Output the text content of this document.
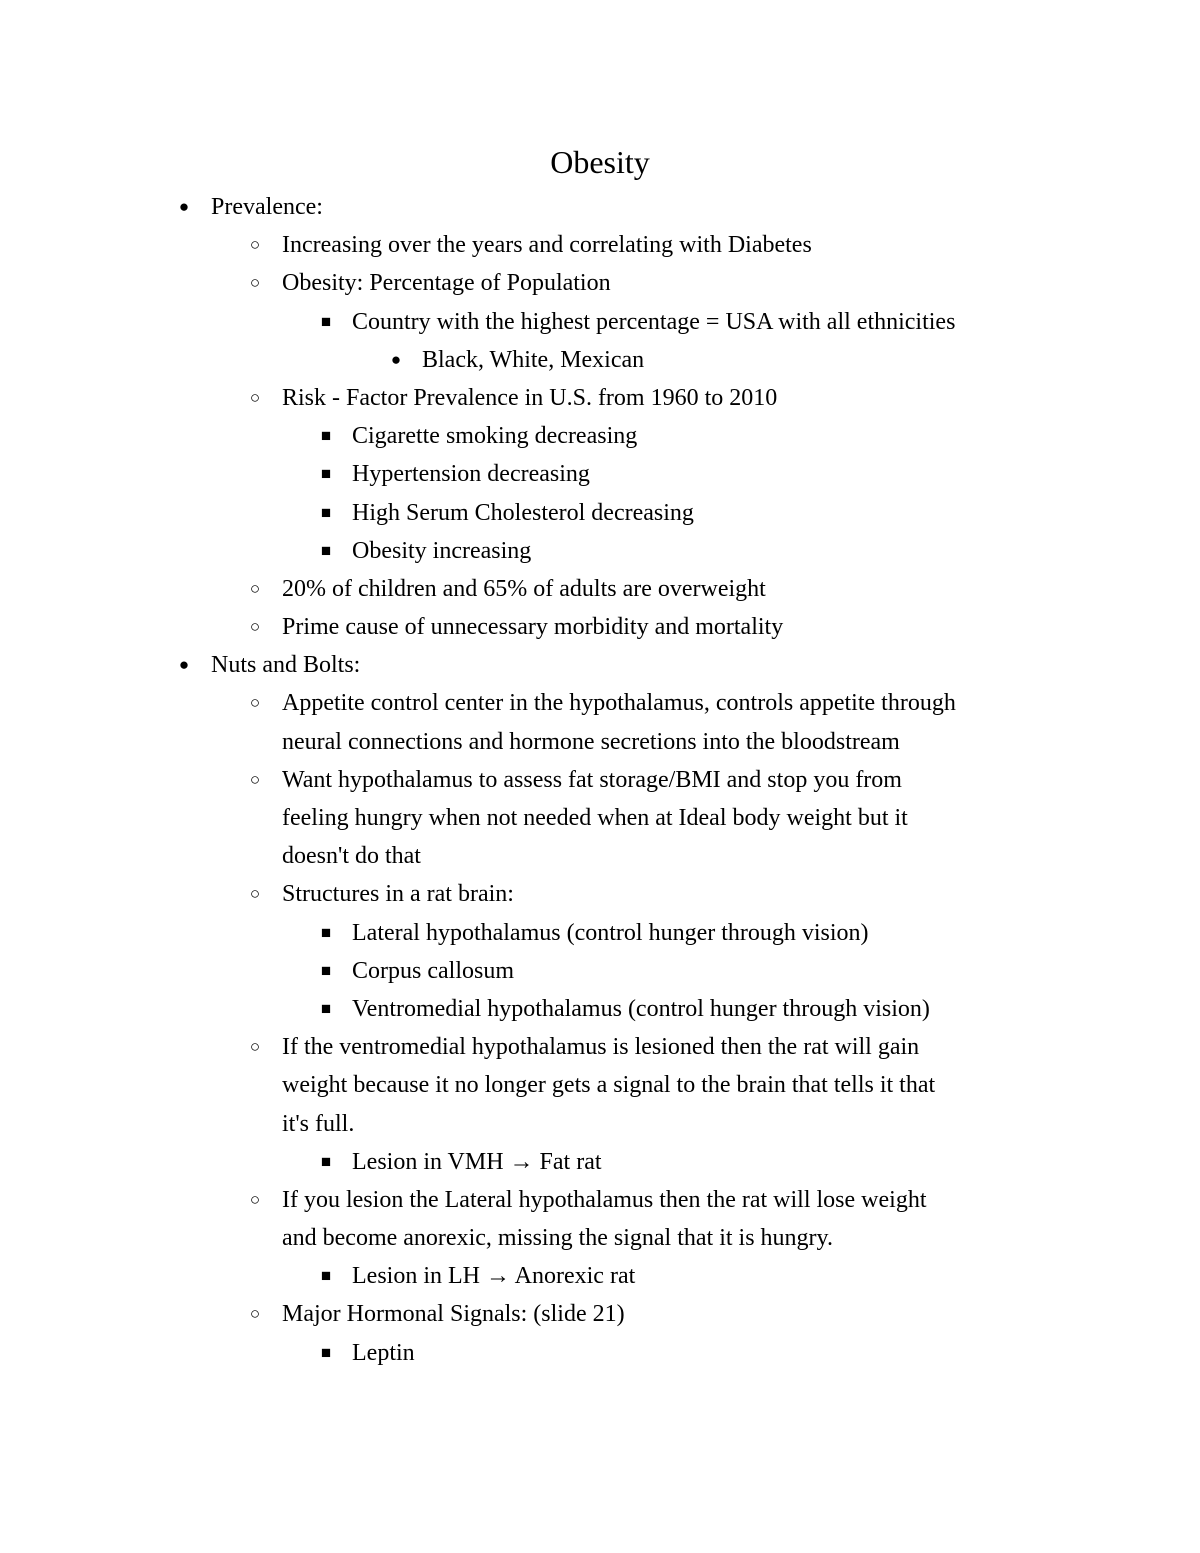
Obesity
● Prevalence:
○ Increasing over the years and correlating with Diabetes
○ Obesity: Percentage of Population
■ Country with the highest percentage = USA with all ethnicities
● Black, White, Mexican
○ Risk - Factor Prevalence in U.S. from 1960 to 2010
■ Cigarette smoking decreasing
■ Hypertension decreasing
■ High Serum Cholesterol decreasing
■ Obesity increasing
○ 20% of children and 65% of adults are overweight
○ Prime cause of unnecessary morbidity and mortality
● Nuts and Bolts:
○ Appetite control center in the hypothalamus, controls appetite through
neural connections and hormone secretions into the bloodstream
○ Want hypothalamus to assess fat storage/BMI and stop you from
feeling hungry when not needed when at Ideal body weight but it
doesn't do that
○ Structures in a rat brain:
■ Lateral hypothalamus (control hunger through vision)
■ Corpus callosum
■ Ventromedial hypothalamus (control hunger through vision)
○ If the ventromedial hypothalamus is lesioned then the rat will gain
weight because it no longer gets a signal to the brain that tells it that
it's full.
■ Lesion in VMH → Fat rat
○ If you lesion the Lateral hypothalamus then the rat will lose weight
and become anorexic, missing the signal that it is hungry.
■ Lesion in LH → Anorexic rat
○ Major Hormonal Signals: (slide 21)
■ Leptin
